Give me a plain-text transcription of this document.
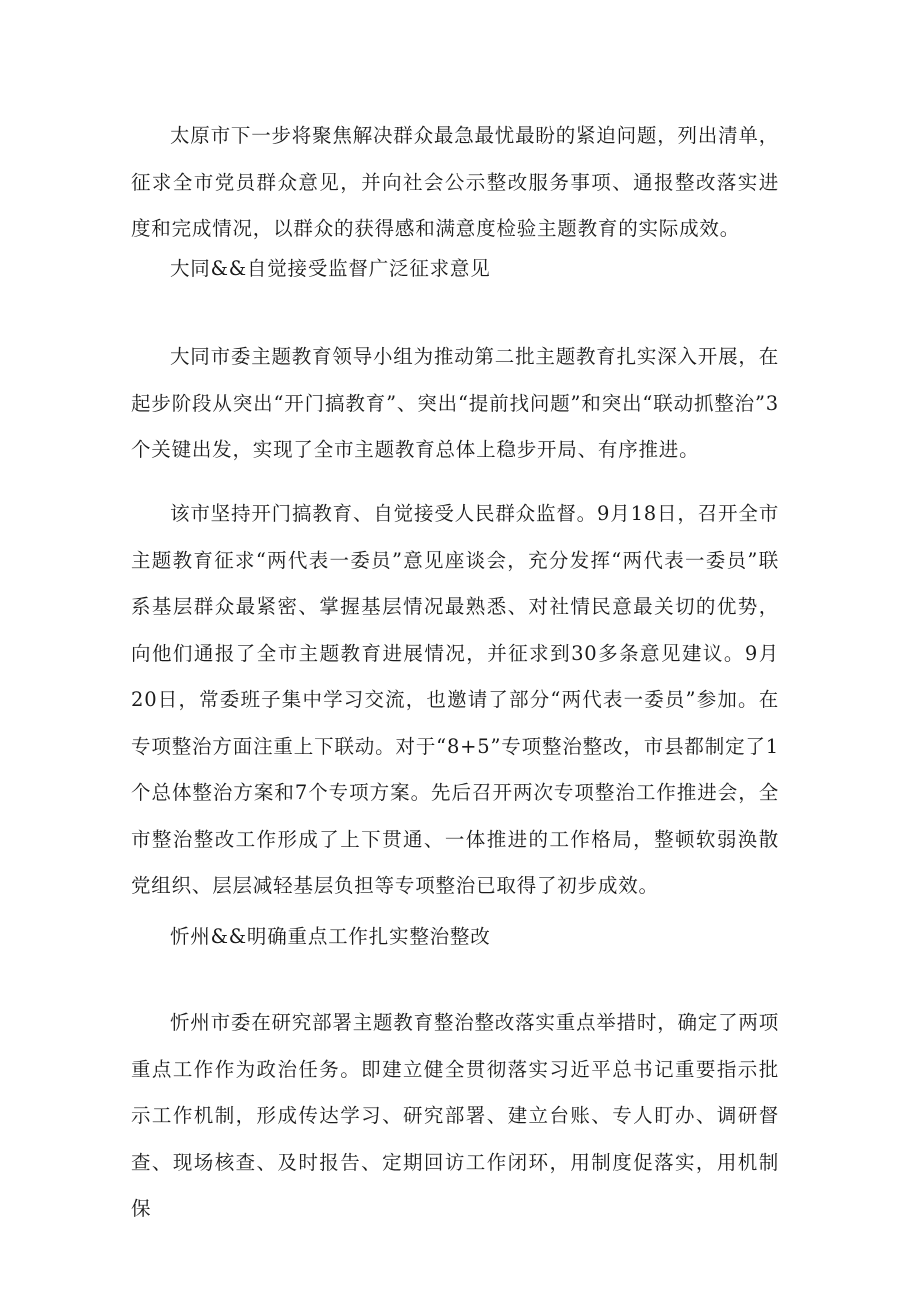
太原市下一步将聚焦解决群众最急最忧最盼的紧迫问题，列出清单，征求全市党员群众意见，并向社会公示整改服务事项、通报整改落实进度和完成情况，以群众的获得感和满意度检验主题教育的实际成效。

大同&&自觉接受监督广泛征求意见

大同市委主题教育领导小组为推动第二批主题教育扎实深入开展，在起步阶段从突出“开门搞教育”、突出“提前找问题”和突出“联动抓整治”3个关键出发，实现了全市主题教育总体上稳步开局、有序推进。

该市坚持开门搞教育、自觉接受人民群众监督。9月18日，召开全市主题教育征求“两代表一委员”意见座谈会，充分发挥“两代表一委员”联系基层群众最紧密、掌握基层情况最熟悉、对社情民意最关切的优势，向他们通报了全市主题教育进展情况，并征求到30多条意见建议。9月20日，常委班子集中学习交流，也邀请了部分“两代表一委员”参加。在专项整治方面注重上下联动。对于“8+5”专项整治整改，市县都制定了1个总体整治方案和7个专项方案。先后召开两次专项整治工作推进会，全市整治整改工作形成了上下贯通、一体推进的工作格局，整顿软弱涣散党组织、层层减轻基层负担等专项整治已取得了初步成效。

忻州&&明确重点工作扎实整治整改

忻州市委在研究部署主题教育整治整改落实重点举措时，确定了两项重点工作作为政治任务。即建立健全贯彻落实习近平总书记重要指示批示工作机制，形成传达学习、研究部署、建立台账、专人盯办、调研督查、现场核查、及时报告、定期回访工作闭环，用制度促落实，用机制保
